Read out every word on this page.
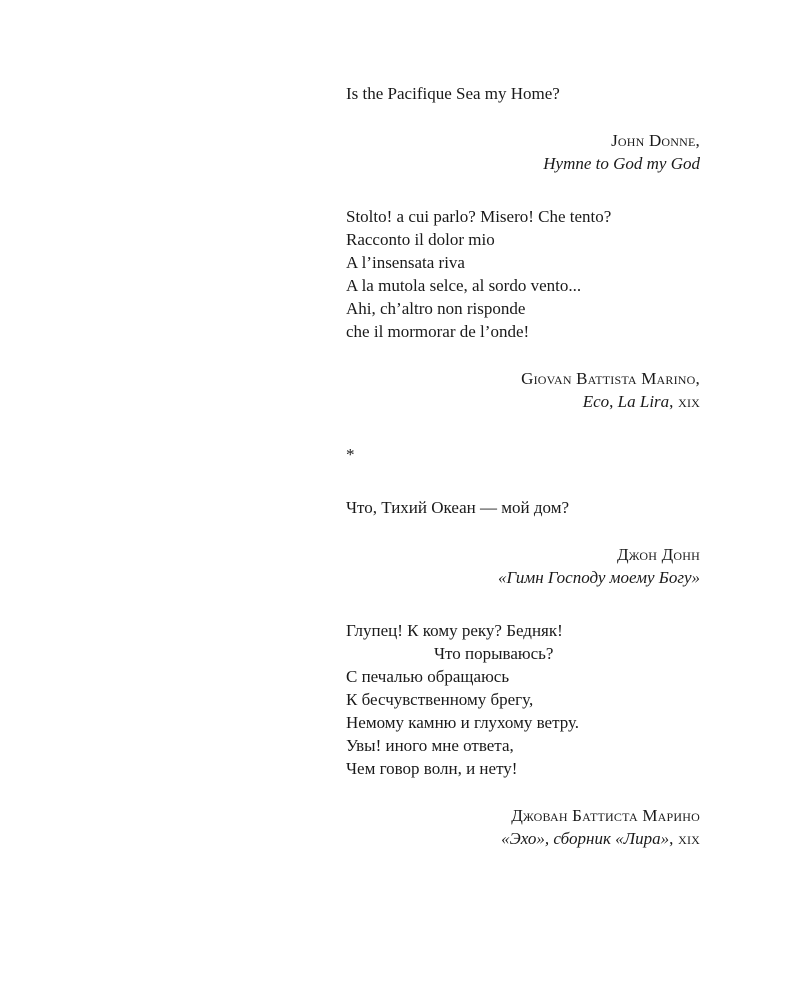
Is the Pacifique Sea my Home?
John Donne,
Hymne to God my God
Stolto! a cui parlo? Misero! Che tento?
Racconto il dolor mio
A l’insensata riva
A la mutola selce, al sordo vento...
Ahi, ch’altro non risponde
che il mormorar de l’onde!
Giovan Battista Marino,
Eco, La Lira, xix
*
Что, Тихий Океан — мой дом?
Джон Донн
«Гимн Господу моему Богу»
Глупец! К кому реку? Бедняк!
Что порываюсь?
С печалью обращаюсь
К бесчувственному брегу,
Немому камню и глухому ветру.
Увы! иного мне ответа,
Чем говор волн, и нету!
Джован Баттиста Марино
«Эхо», сборник «Лира», xix
